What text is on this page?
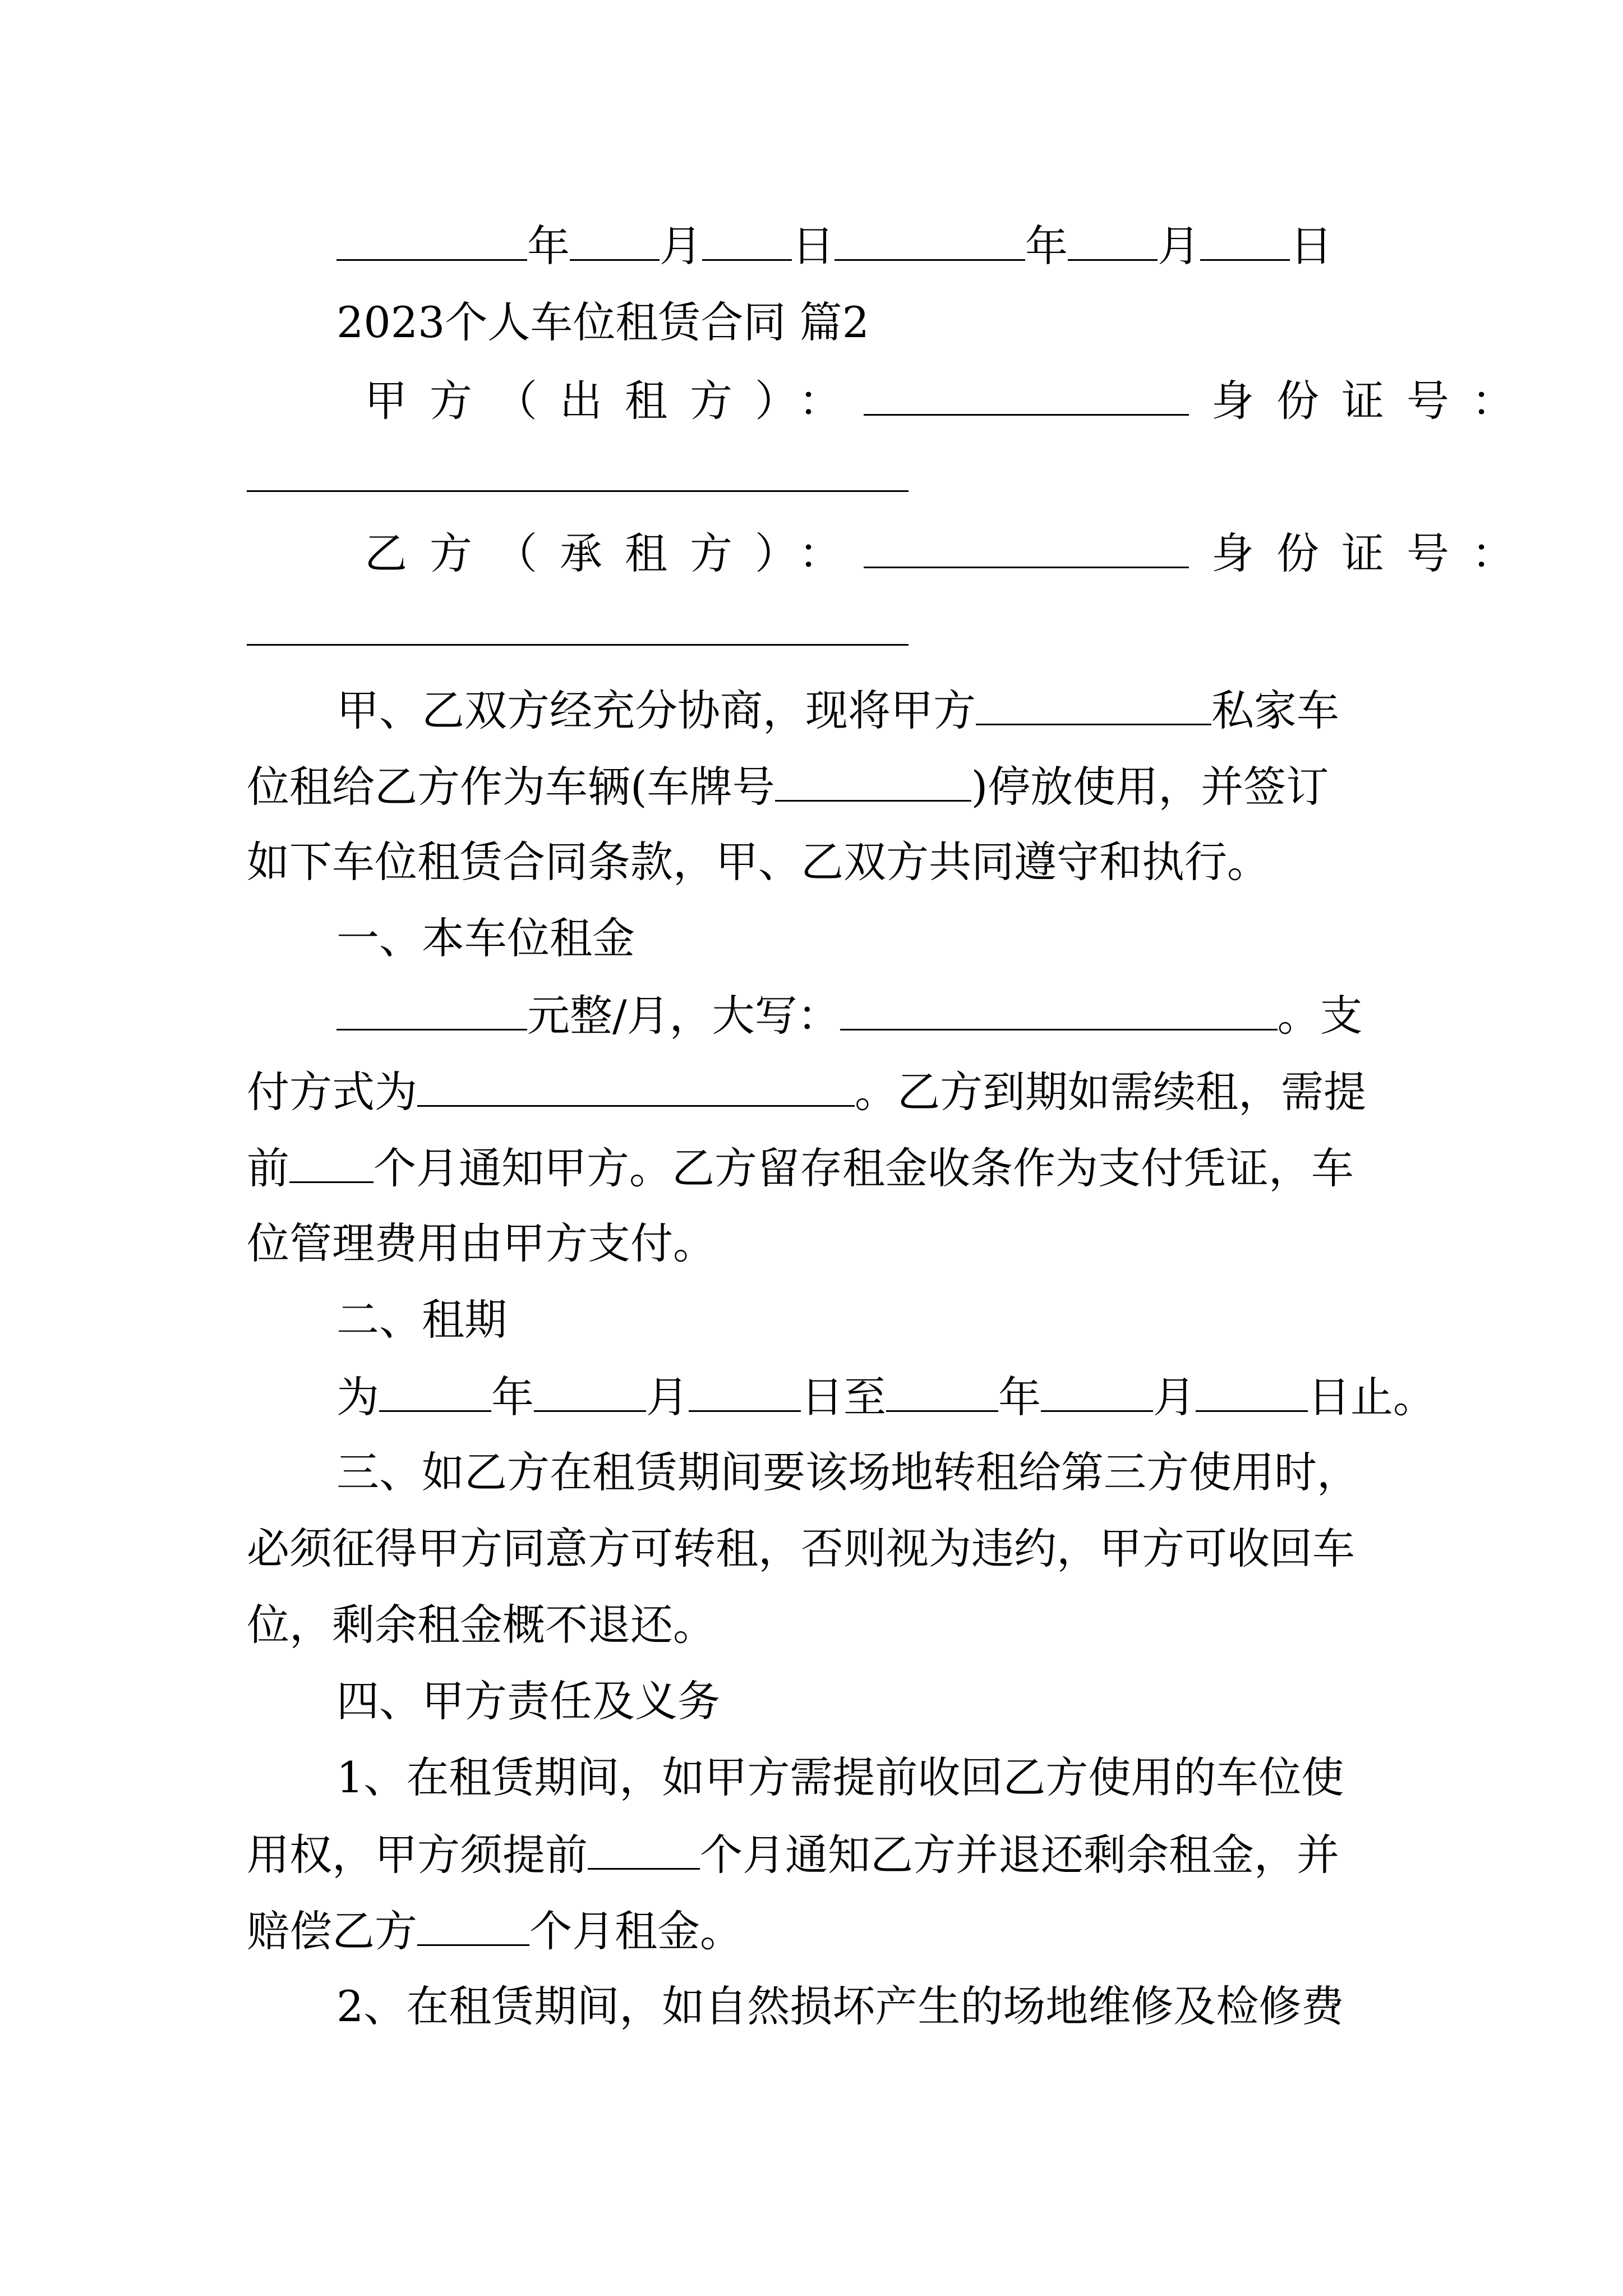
年 月 日	年 月 日
2023个人车位租赁合同 篇2
甲方（出租方）：	身份证号：
乙方（承租方）：	身份证号：
甲、乙双方经充分协商，现将甲方	私家车
位租给乙方作为车辆(车牌号	)停放使用，并签订
如下车位租赁合同条款，甲、乙双方共同遵守和执行。
一、本车位租金
元整/月，大写：	。支
付方式为	。乙方到期如需续租，需提
前 个月通知甲方。乙方留存租金收条作为支付凭证，车
位管理费用由甲方支付。
二、租期
为	年	月	日至	年	月	日止。
三、如乙方在租赁期间要该场地转租给第三方使用时，
必须征得甲方同意方可转租，否则视为违约，甲方可收回车
位，剩余租金概不退还。
四、甲方责任及义务
1、在租赁期间，如甲方需提前收回乙方使用的车位使
用权，甲方须提前	个月通知乙方并退还剩余租金，并
赔偿乙方	个月租金。
2、在租赁期间，如自然损坏产生的场地维修及检修费
